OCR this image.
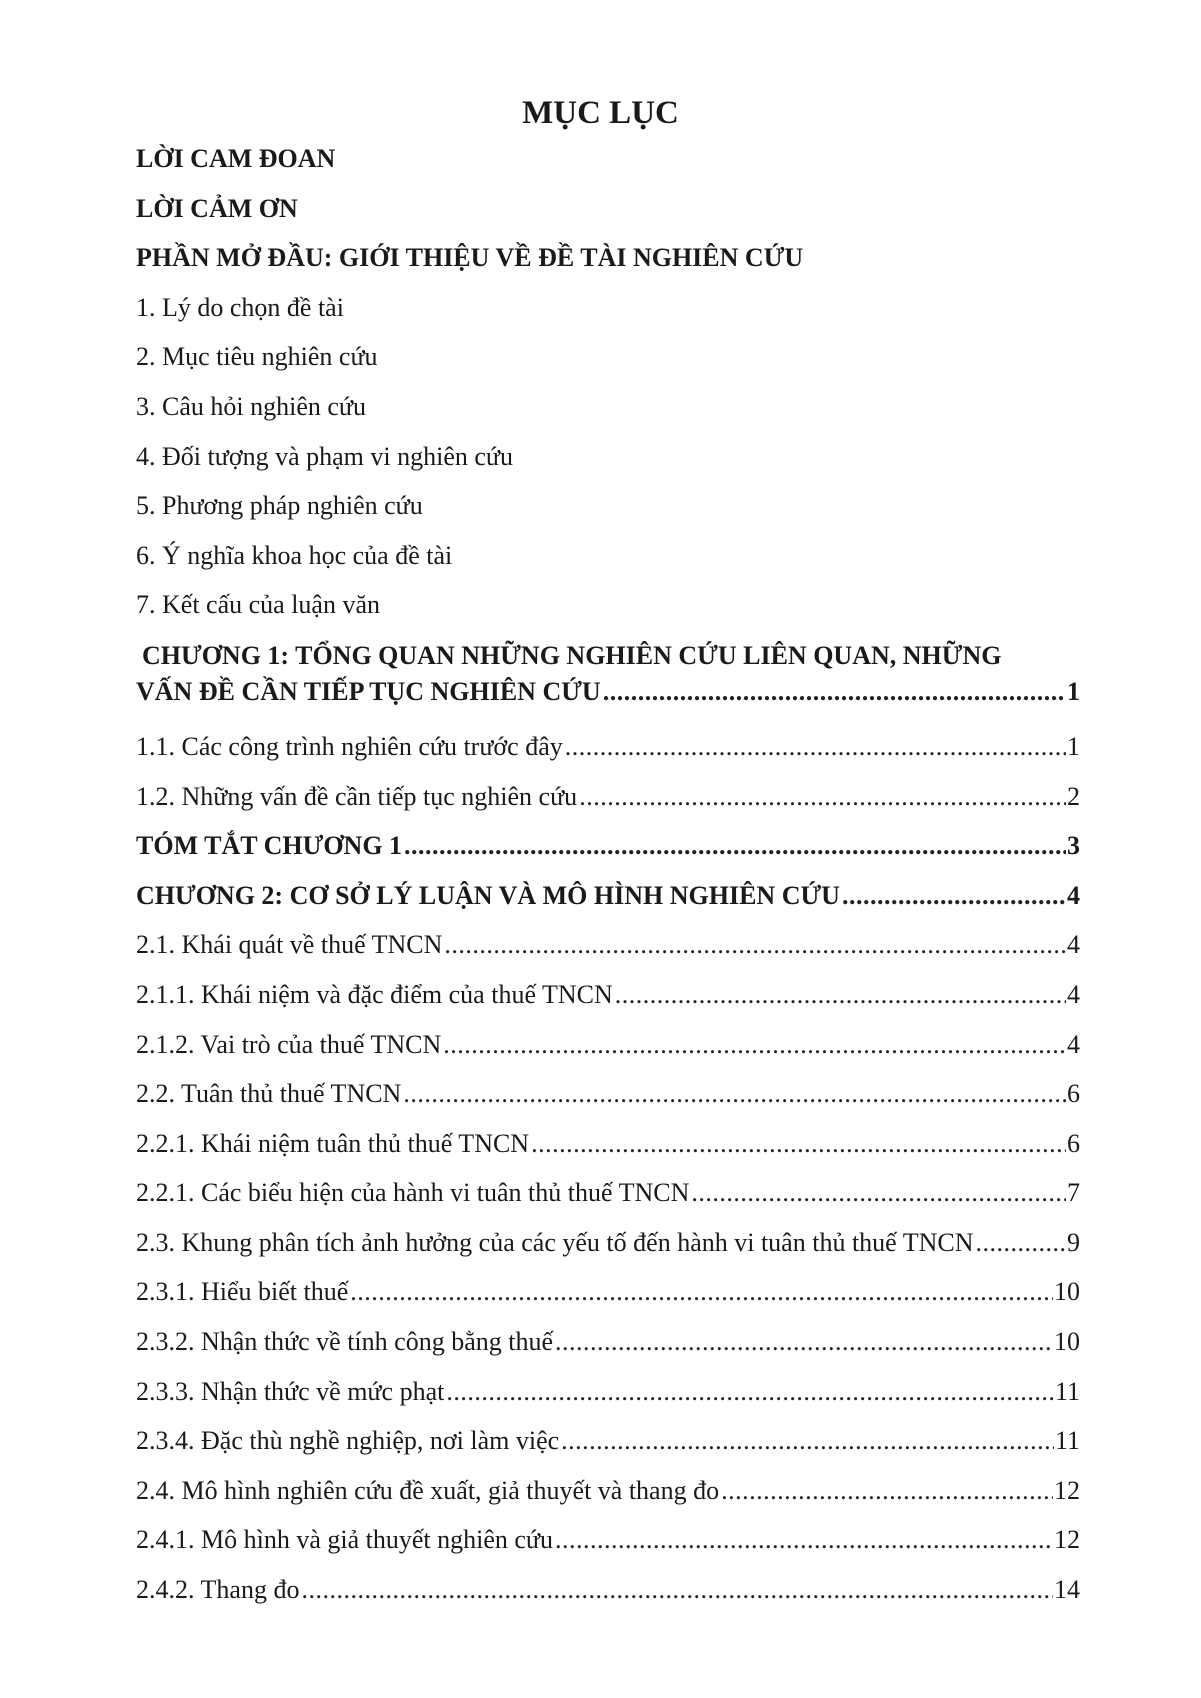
MỤC LỤC
LỜI CAM ĐOAN
LỜI CẢM ƠN
PHẦN MỞ ĐẦU: GIỚI THIỆU VỀ ĐỀ TÀI NGHIÊN CỨU
1. Lý do chọn đề tài
2. Mục tiêu nghiên cứu
3. Câu hỏi nghiên cứu
4. Đối tượng và phạm vi nghiên cứu
5. Phương pháp nghiên cứu
6. Ý nghĩa khoa học của đề tài
7. Kết cấu của luận văn
CHƯƠNG 1: TỔNG QUAN NHỮNG NGHIÊN CỨU LIÊN QUAN, NHỮNG
VẤN ĐỀ CẦN TIẾP TỤC NGHIÊN CỨU .....	1
1.1. Các công trình nghiên cứu trước đây .....	1
1.2. Những vấn đề cần tiếp tục nghiên cứu .....	2
TÓM TẮT CHƯƠNG 1 .....	3
CHƯƠNG 2: CƠ SỞ LÝ LUẬN VÀ MÔ HÌNH NGHIÊN CỨU .....	4
2.1. Khái quát về thuế TNCN .....	4
2.1.1. Khái niệm và đặc điểm của thuế TNCN .....	4
2.1.2. Vai trò của thuế TNCN .....	4
2.2. Tuân thủ thuế TNCN .....	6
2.2.1. Khái niệm tuân thủ thuế TNCN .....	6
2.2.1. Các biểu hiện của hành vi tuân thủ thuế TNCN .....	7
2.3. Khung phân tích ảnh hưởng của các yếu tố đến hành vi tuân thủ thuế TNCN .....	9
2.3.1. Hiểu biết thuế .....	10
2.3.2. Nhận thức về tính công bằng thuế .....	10
2.3.3. Nhận thức về mức phạt .....	11
2.3.4. Đặc thù nghề nghiệp, nơi làm việc .....	11
2.4. Mô hình nghiên cứu đề xuất, giả thuyết và thang đo .....	12
2.4.1. Mô hình và giả thuyết nghiên cứu .....	12
2.4.2. Thang đo .....	14
